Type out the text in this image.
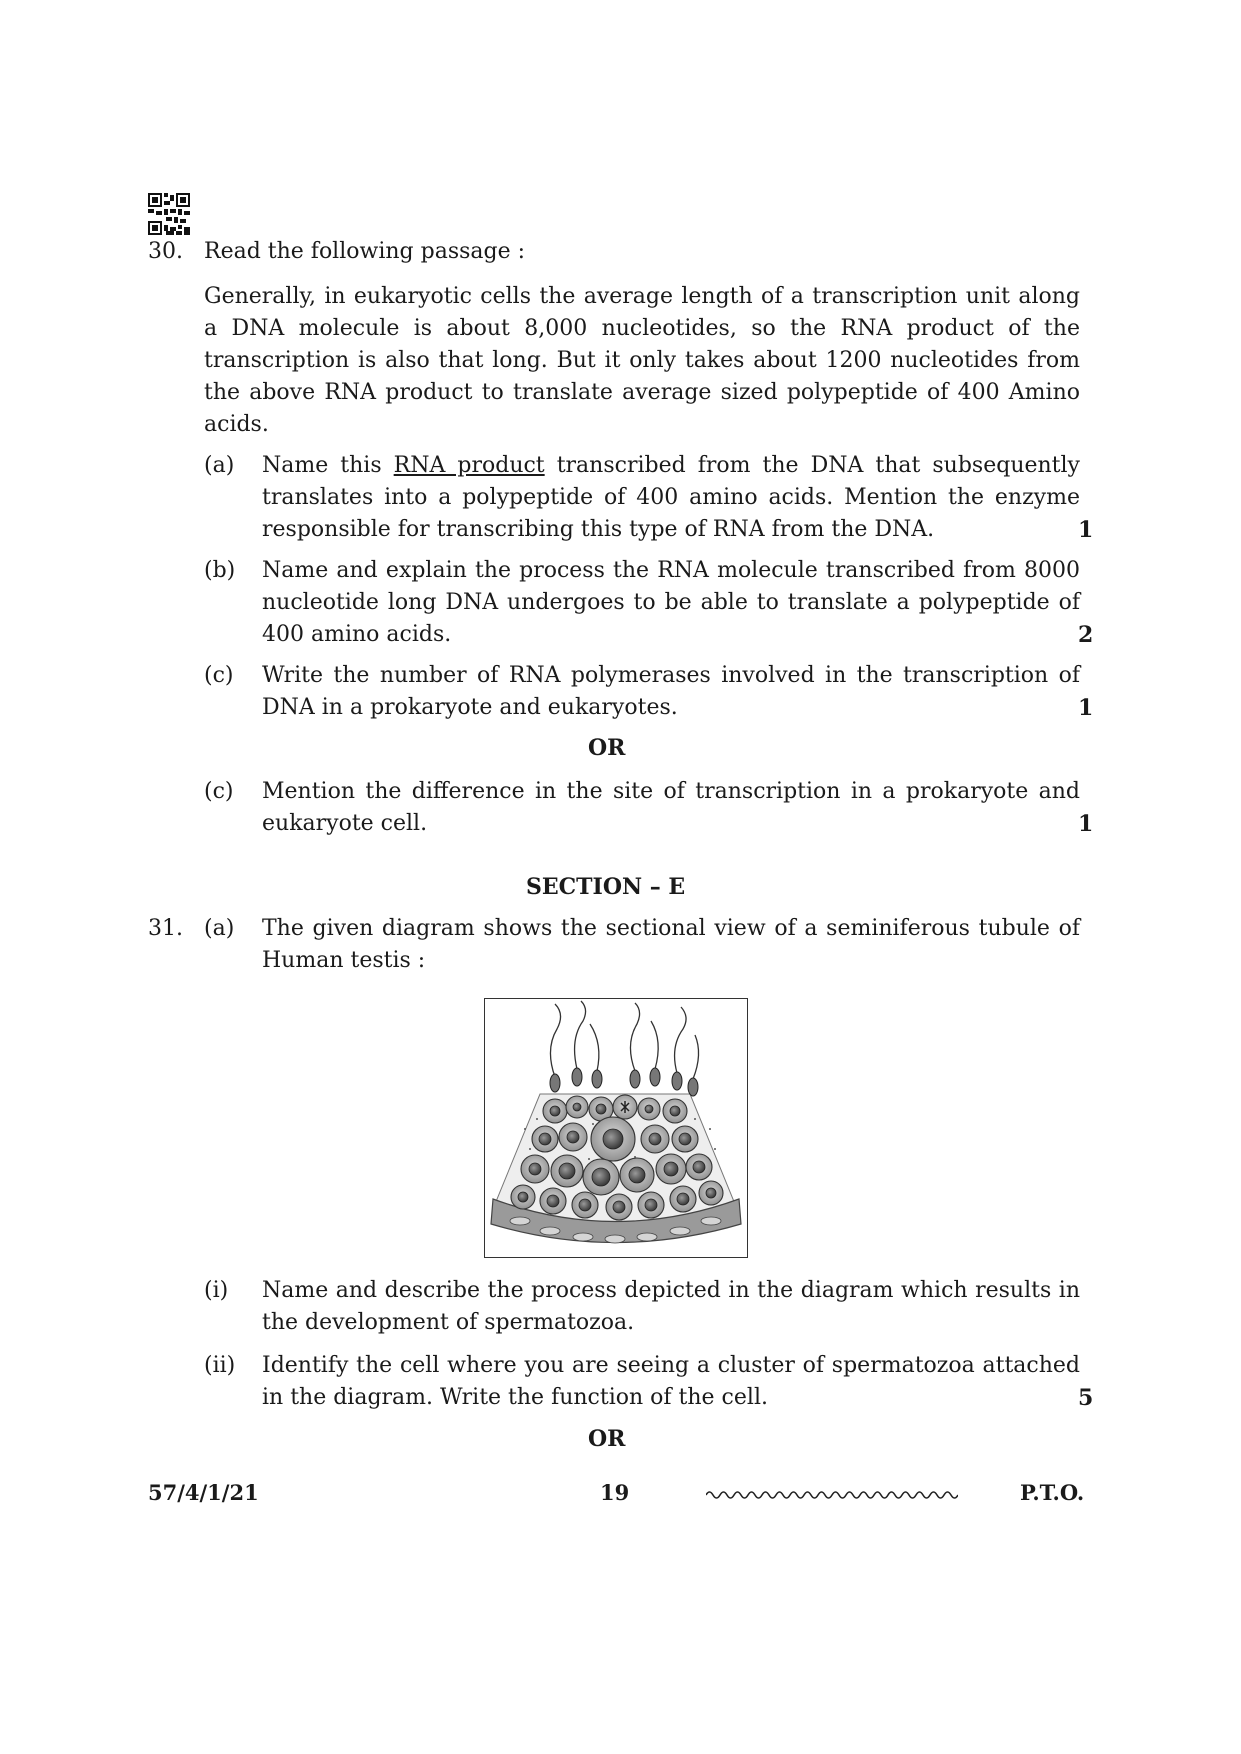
30. Read the following passage :
Generally, in eukaryotic cells the average length of a transcription unit along
a DNA molecule is about 8,000 nucleotides, so the RNA product of the
transcription is also that long. But it only takes about 1200 nucleotides from
the above RNA product to translate average sized polypeptide of 400 Amino
acids.
(a) Name this RNA product transcribed from the DNA that subsequently
translates into a polypeptide of 400 amino acids. Mention the enzyme
responsible for transcribing this type of RNA from the DNA.	1
(b) Name and explain the process the RNA molecule transcribed from 8000
nucleotide long DNA undergoes to be able to translate a polypeptide of
400 amino acids.	2
(c) Write the number of RNA polymerases involved in the transcription of
DNA in a prokaryote and eukaryotes.	1
OR
(c) Mention the difference in the site of transcription in a prokaryote and
eukaryote cell.	1
SECTION – E
31. (a) The given diagram shows the sectional view of a seminiferous tubule of
Human testis :
(i) Name and describe the process depicted in the diagram which results in
the development of spermatozoa.
(ii) Identify the cell where you are seeing a cluster of spermatozoa attached
in the diagram. Write the function of the cell.	5
OR
57/4/1/21	19	P.T.O.
